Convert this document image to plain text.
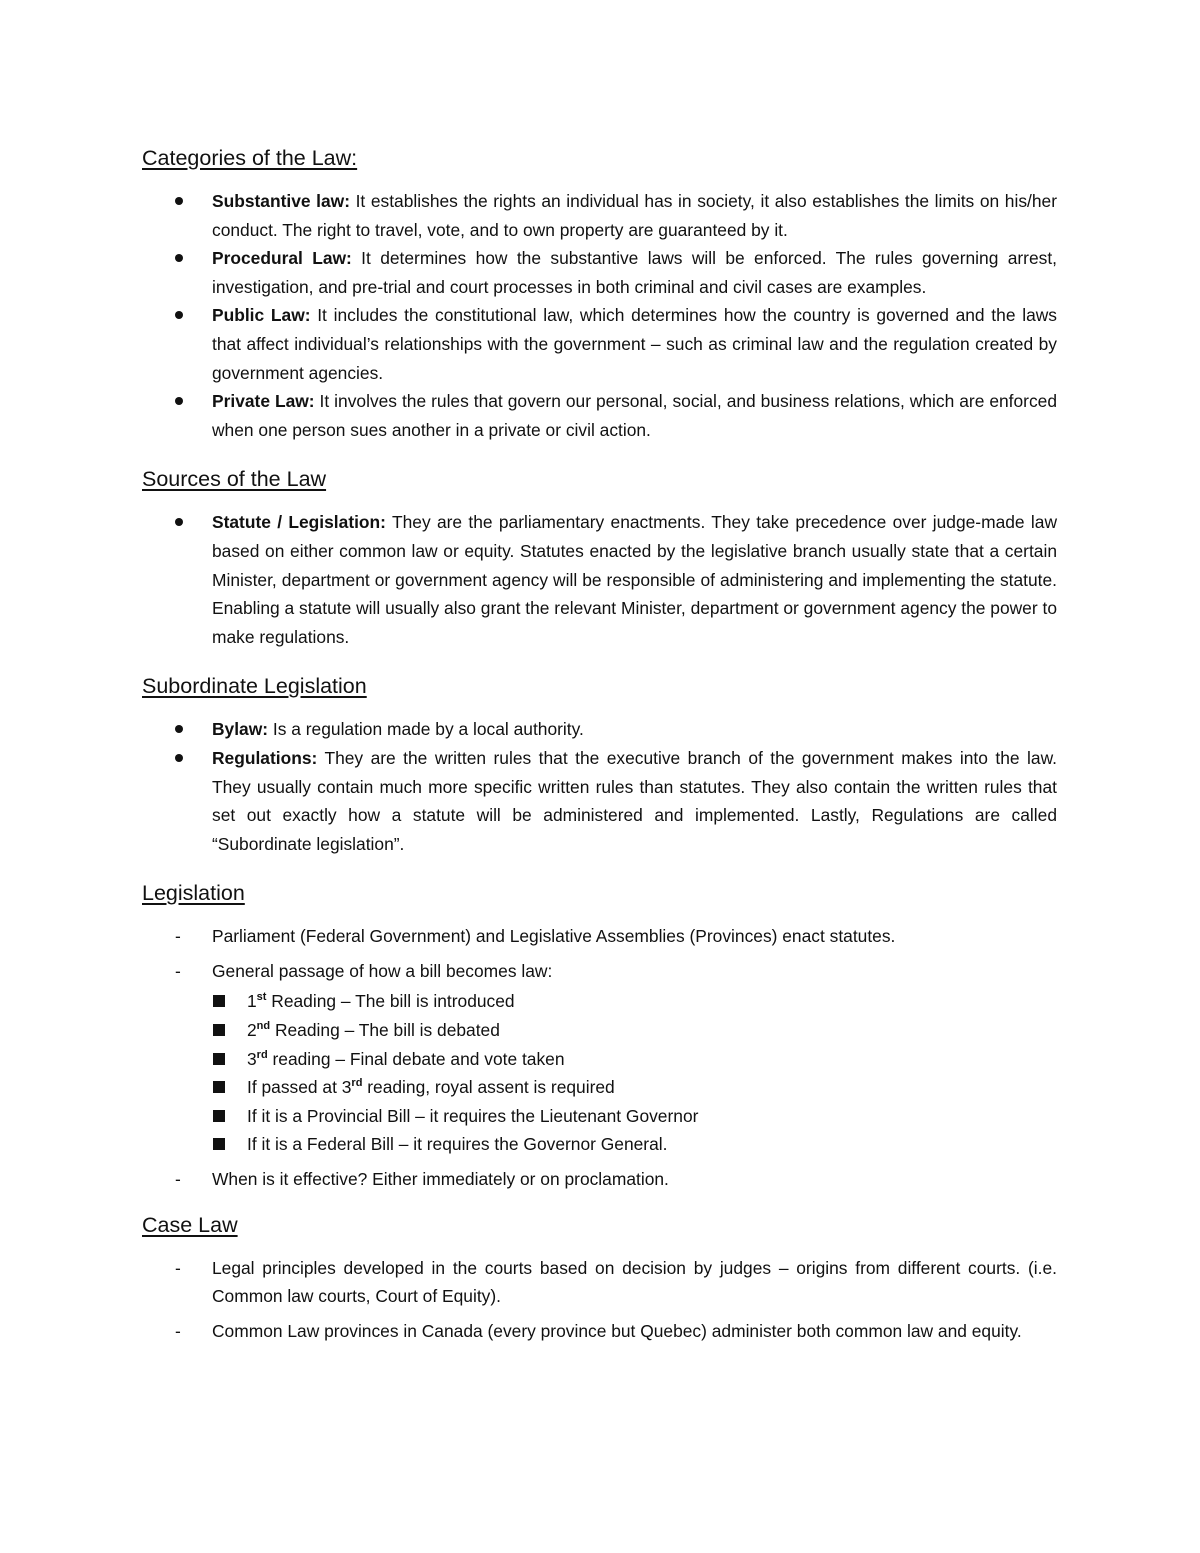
Categories of the Law:
Substantive law: It establishes the rights an individual has in society, it also establishes the limits on his/her conduct. The right to travel, vote, and to own property are guaranteed by it.
Procedural Law: It determines how the substantive laws will be enforced. The rules governing arrest, investigation, and pre-trial and court processes in both criminal and civil cases are examples.
Public Law: It includes the constitutional law, which determines how the country is governed and the laws that affect individual’s relationships with the government – such as criminal law and the regulation created by government agencies.
Private Law: It involves the rules that govern our personal, social, and business relations, which are enforced when one person sues another in a private or civil action.
Sources of the Law
Statute / Legislation: They are the parliamentary enactments. They take precedence over judge-made law based on either common law or equity. Statutes enacted by the legislative branch usually state that a certain Minister, department or government agency will be responsible of administering and implementing the statute. Enabling a statute will usually also grant the relevant Minister, department or government agency the power to make regulations.
Subordinate Legislation
Bylaw: Is a regulation made by a local authority.
Regulations: They are the written rules that the executive branch of the government makes into the law. They usually contain much more specific written rules than statutes. They also contain the written rules that set out exactly how a statute will be administered and implemented. Lastly, Regulations are called “Subordinate legislation”.
Legislation
- Parliament (Federal Government) and Legislative Assemblies (Provinces) enact statutes.
- General passage of how a bill becomes law:
1st Reading – The bill is introduced
2nd Reading – The bill is debated
3rd reading – Final debate and vote taken
If passed at 3rd reading, royal assent is required
If it is a Provincial Bill – it requires the Lieutenant Governor
If it is a Federal Bill – it requires the Governor General.
- When is it effective? Either immediately or on proclamation.
Case Law
- Legal principles developed in the courts based on decision by judges – origins from different courts. (i.e. Common law courts, Court of Equity).
- Common Law provinces in Canada (every province but Quebec) administer both common law and equity.
